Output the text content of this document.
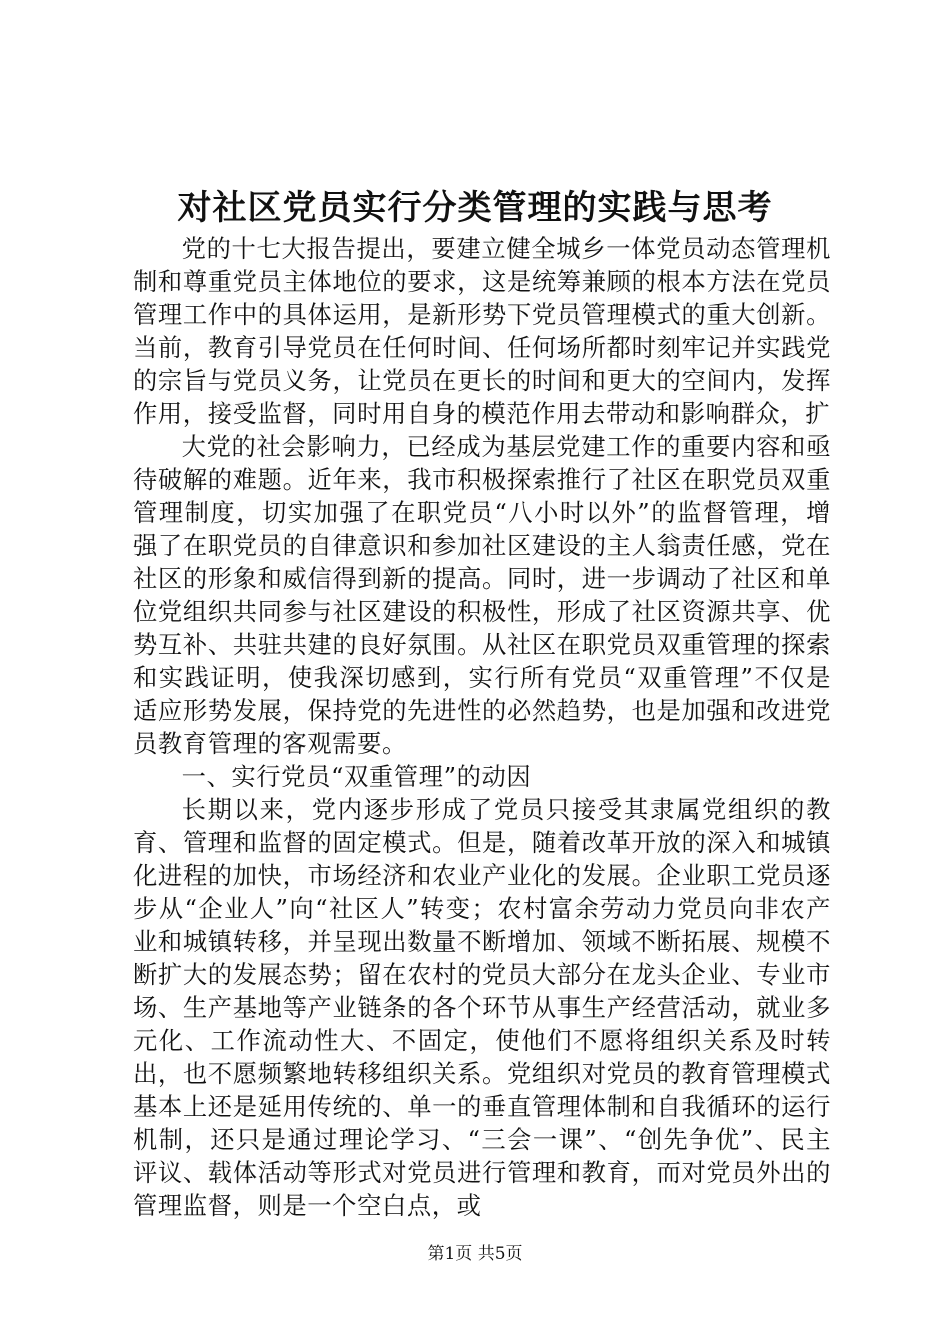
对社区党员实行分类管理的实践与思考

党的十七大报告提出，要建立健全城乡一体党员动态管理机制和尊重党员主体地位的要求，这是统筹兼顾的根本方法在党员管理工作中的具体运用，是新形势下党员管理模式的重大创新。当前，教育引导党员在任何时间、任何场所都时刻牢记并实践党的宗旨与党员义务，让党员在更长的时间和更大的空间内，发挥作用，接受监督，同时用自身的模范作用去带动和影响群众，扩

大党的社会影响力，已经成为基层党建工作的重要内容和亟待破解的难题。近年来，我市积极探索推行了社区在职党员双重管理制度，切实加强了在职党员“八小时以外”的监督管理，增强了在职党员的自律意识和参加社区建设的主人翁责任感，党在社区的形象和威信得到新的提高。同时，进一步调动了社区和单位党组织共同参与社区建设的积极性，形成了社区资源共享、优势互补、共驻共建的良好氛围。从社区在职党员双重管理的探索和实践证明，使我深切感到，实行所有党员“双重管理”不仅是适应形势发展，保持党的先进性的必然趋势，也是加强和改进党员教育管理的客观需要。

一、实行党员“双重管理”的动因

长期以来，党内逐步形成了党员只接受其隶属党组织的教育、管理和监督的固定模式。但是，随着改革开放的深入和城镇化进程的加快，市场经济和农业产业化的发展。企业职工党员逐步从“企业人”向“社区人”转变；农村富余劳动力党员向非农产业和城镇转移，并呈现出数量不断增加、领域不断拓展、规模不断扩大的发展态势；留在农村的党员大部分在龙头企业、专业市场、生产基地等产业链条的各个环节从事生产经营活动，就业多元化、工作流动性大、不固定，使他们不愿将组织关系及时转出，也不愿频繁地转移组织关系。党组织对党员的教育管理模式基本上还是延用传统的、单一的垂直管理体制和自我循环的运行机制，还只是通过理论学习、“三会一课”、“创先争优”、民主评议、载体活动等形式对党员进行管理和教育，而对党员外出的管理监督，则是一个空白点，或

第1页 共5页
